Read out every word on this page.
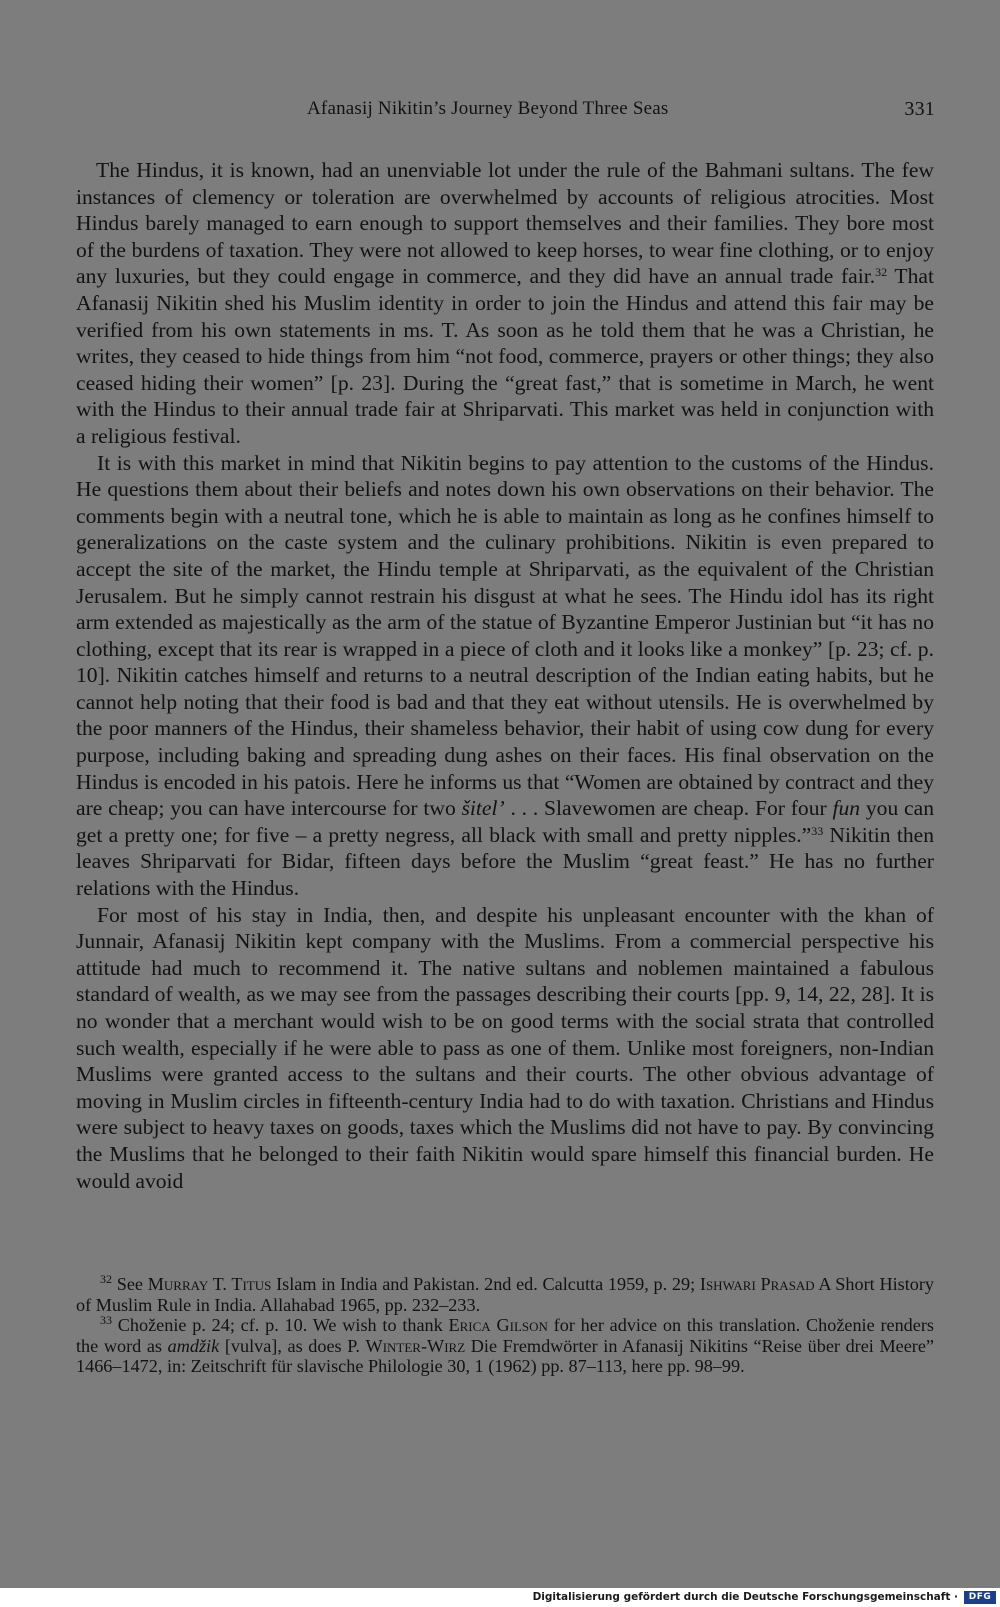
Afanasij Nikitin’s Journey Beyond Three Seas	331

The Hindus, it is known, had an unenviable lot under the rule of the Bahmani sultans. The few instances of clemency or toleration are overwhelmed by accounts of religious atrocities. Most Hindus barely managed to earn enough to support themselves and their families. They bore most of the burdens of taxation. They were not allowed to keep horses, to wear fine clothing, or to enjoy any luxuries, but they could engage in commerce, and they did have an annual trade fair.$^{32}$ That Afanasij Nikitin shed his Muslim identity in order to join the Hindus and attend this fair may be verified from his own statements in ms. T. As soon as he told them that he was a Christian, he writes, they ceased to hide things from him “not food, commerce, prayers or other things; they also ceased hiding their women” [p. 23]. During the “great fast,” that is sometime in March, he went with the Hindus to their annual trade fair at Shriparvati. This market was held in conjunction with a religious festival.

It is with this market in mind that Nikitin begins to pay attention to the customs of the Hindus. He questions them about their beliefs and notes down his own observations on their behavior. The comments begin with a neutral tone, which he is able to maintain as long as he confines himself to generalizations on the caste system and the culinary prohibitions. Nikitin is even prepared to accept the site of the market, the Hindu temple at Shriparvati, as the equivalent of the Christian Jerusalem. But he simply cannot restrain his disgust at what he sees. The Hindu idol has its right arm extended as majestically as the arm of the statue of Byzantine Emperor Justinian but “it has no clothing, except that its rear is wrapped in a piece of cloth and it looks like a monkey” [p. 23; cf. p. 10]. Nikitin catches himself and returns to a neutral description of the Indian eating habits, but he cannot help noting that their food is bad and that they eat without utensils. He is overwhelmed by the poor manners of the Hindus, their shameless behavior, their habit of using cow dung for every purpose, including baking and spreading dung ashes on their faces. His final observation on the Hindus is encoded in his patois. Here he informs us that “Women are obtained by contract and they are cheap; you can have intercourse for two šitel’ . . . Slavewomen are cheap. For four fun you can get a pretty one; for five – a pretty negress, all black with small and pretty nipples.”$^{33}$ Nikitin then leaves Shriparvati for Bidar, fifteen days before the Muslim “great feast.” He has no further relations with the Hindus.

For most of his stay in India, then, and despite his unpleasant encounter with the khan of Junnair, Afanasij Nikitin kept company with the Muslims. From a commercial perspective his attitude had much to recommend it. The native sultans and noblemen maintained a fabulous standard of wealth, as we may see from the passages describing their courts [pp. 9, 14, 22, 28]. It is no wonder that a merchant would wish to be on good terms with the social strata that controlled such wealth, especially if he were able to pass as one of them. Unlike most foreigners, non-Indian Muslims were granted access to the sultans and their courts. The other obvious advantage of moving in Muslim circles in fifteenth-century India had to do with taxation. Christians and Hindus were subject to heavy taxes on goods, taxes which the Muslims did not have to pay. By convincing the Muslims that he belonged to their faith Nikitin would spare himself this financial burden. He would avoid

$^{32}$ See Murray T. Titus Islam in India and Pakistan. 2nd ed. Calcutta 1959, p. 29; Ishwari Prasad A Short History of Muslim Rule in India. Allahabad 1965, pp. 232–233.

$^{33}$ Choženie p. 24; cf. p. 10. We wish to thank Erica Gilson for her advice on this translation. Choženie renders the word as amdžik [vulva], as does P. Winter-Wirz Die Fremdwörter in Afanasij Nikitins “Reise über drei Meere” 1466–1472, in: Zeitschrift für slavische Philologie 30, 1 (1962) pp. 87–113, here pp. 98–99.

Digitalisierung gefördert durch die Deutsche Forschungsgemeinschaft ·	DFG
